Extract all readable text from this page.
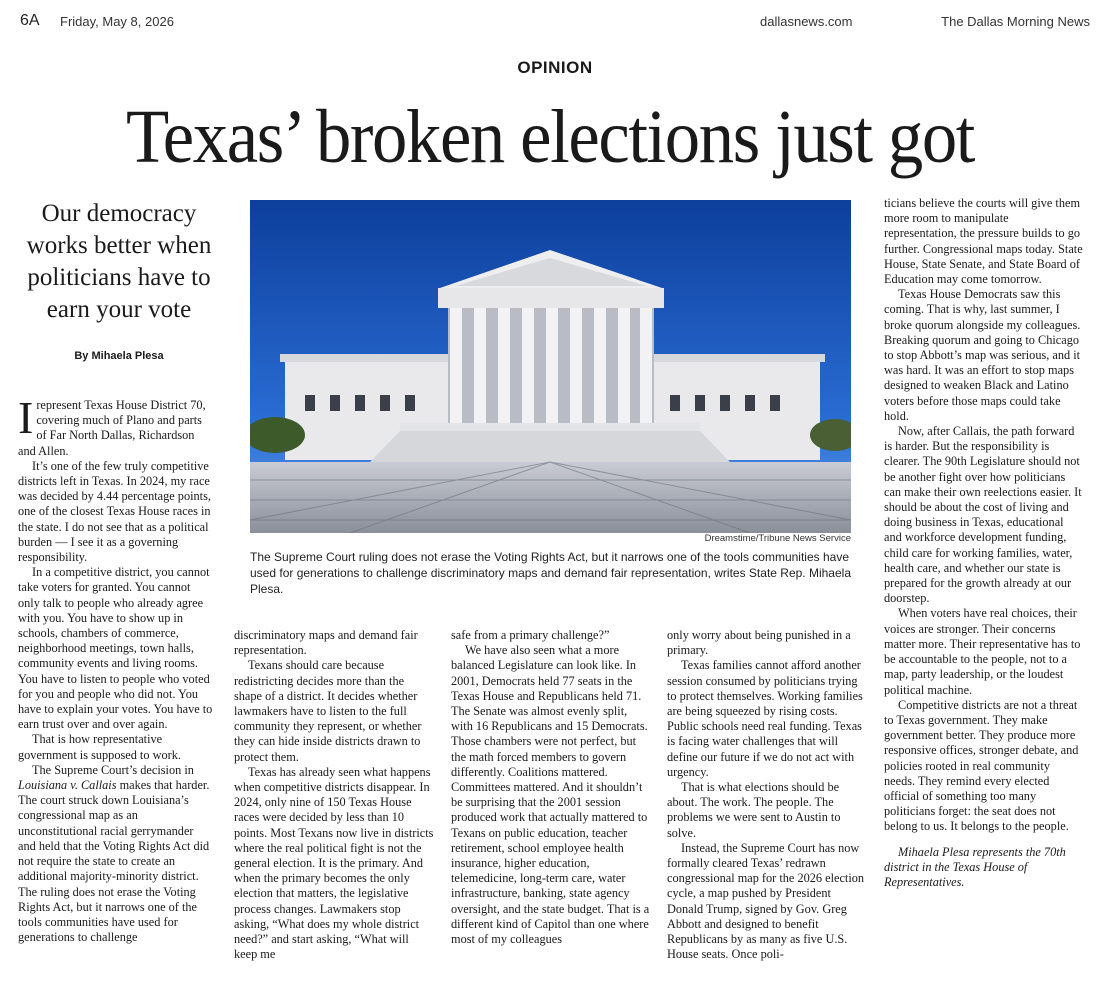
6A Friday, May 8, 2026	dallasnews.com	The Dallas Morning News
OPINION
Texas’ broken elections just got
Our democracy works better when politicians have to earn your vote
By Mihaela Plesa
Dreamstime/Tribune News Service
The Supreme Court ruling does not erase the Voting Rights Act, but it narrows one of the tools communities have used for generations to challenge discriminatory maps and demand fair representation, writes State Rep. Mihaela Plesa.

Irepresent Texas House District 70, covering much of Plano and parts of Far North Dallas, Richardson and Allen.

It’s one of the few truly competitive districts left in Texas. In 2024, my race was decided by 4.44 percentage points, one of the closest Texas House races in the state. I do not see that as a political burden — I see it as a governing responsibility.

In a competitive district, you cannot take voters for granted. You cannot only talk to people who already agree with you. You have to show up in schools, chambers of commerce, neighborhood meetings, town halls, community events and living rooms. You have to listen to people who voted for you and people who did not. You have to explain your votes. You have to earn trust over and over again.

That is how representative government is supposed to work.

The Supreme Court’s decision in Louisiana v. Callais makes that harder. The court struck down Louisiana’s congressional map as an unconstitutional racial gerrymander and held that the Voting Rights Act did not require the state to create an additional majority-minority district. The ruling does not erase the Voting Rights Act, but it narrows one of the tools communities have used for generations to challenge

discriminatory maps and demand fair representation.

Texans should care because redistricting decides more than the shape of a district. It decides whether lawmakers have to listen to the full community they represent, or whether they can hide inside districts drawn to protect them.

Texas has already seen what happens when competitive districts disappear. In 2024, only nine of 150 Texas House races were decided by less than 10 points. Most Texans now live in districts where the real political fight is not the general election. It is the primary. And when the primary becomes the only election that matters, the legislative process changes. Lawmakers stop asking, “What does my whole district need?” and start asking, “What will keep me

safe from a primary challenge?”

We have also seen what a more balanced Legislature can look like. In 2001, Democrats held 77 seats in the Texas House and Republicans held 71. The Senate was almost evenly split, with 16 Republicans and 15 Democrats. Those chambers were not perfect, but the math forced members to govern differently. Coalitions mattered. Committees mattered. And it shouldn’t be surprising that the 2001 session produced work that actually mattered to Texans on public education, teacher retirement, school employee health insurance, higher education, telemedicine, long-term care, water infrastructure, banking, state agency oversight, and the state budget. That is a different kind of Capitol than one where most of my colleagues

only worry about being punished in a primary.

Texas families cannot afford another session consumed by politicians trying to protect themselves. Working families are being squeezed by rising costs. Public schools need real funding. Texas is facing water challenges that will define our future if we do not act with urgency.

That is what elections should be about. The work. The people. The problems we were sent to Austin to solve.

Instead, the Supreme Court has now formally cleared Texas’ redrawn congressional map for the 2026 election cycle, a map pushed by President Donald Trump, signed by Gov. Greg Abbott and designed to benefit Republicans by as many as five U.S. House seats. Once poli-

ticians believe the courts will give them more room to manipulate representation, the pressure builds to go further. Congressional maps today. State House, State Senate, and State Board of Education may come tomorrow.

Texas House Democrats saw this coming. That is why, last summer, I broke quorum alongside my colleagues. Breaking quorum and going to Chicago to stop Abbott’s map was serious, and it was hard. It was an effort to stop maps designed to weaken Black and Latino voters before those maps could take hold.

Now, after Callais, the path forward is harder. But the responsibility is clearer. The 90th Legislature should not be another fight over how politicians can make their own reelections easier. It should be about the cost of living and doing business in Texas, educational and workforce development funding, child care for working families, water, health care, and whether our state is prepared for the growth already at our doorstep.

When voters have real choices, their voices are stronger. Their concerns matter more. Their representative has to be accountable to the people, not to a map, party leadership, or the loudest political machine.

Competitive districts are not a threat to Texas government. They make government better. They produce more responsive offices, stronger debate, and policies rooted in real community needs. They remind every elected official of something too many politicians forget: the seat does not belong to us. It belongs to the people.

Mihaela Plesa represents the 70th district in the Texas House of Representatives.
